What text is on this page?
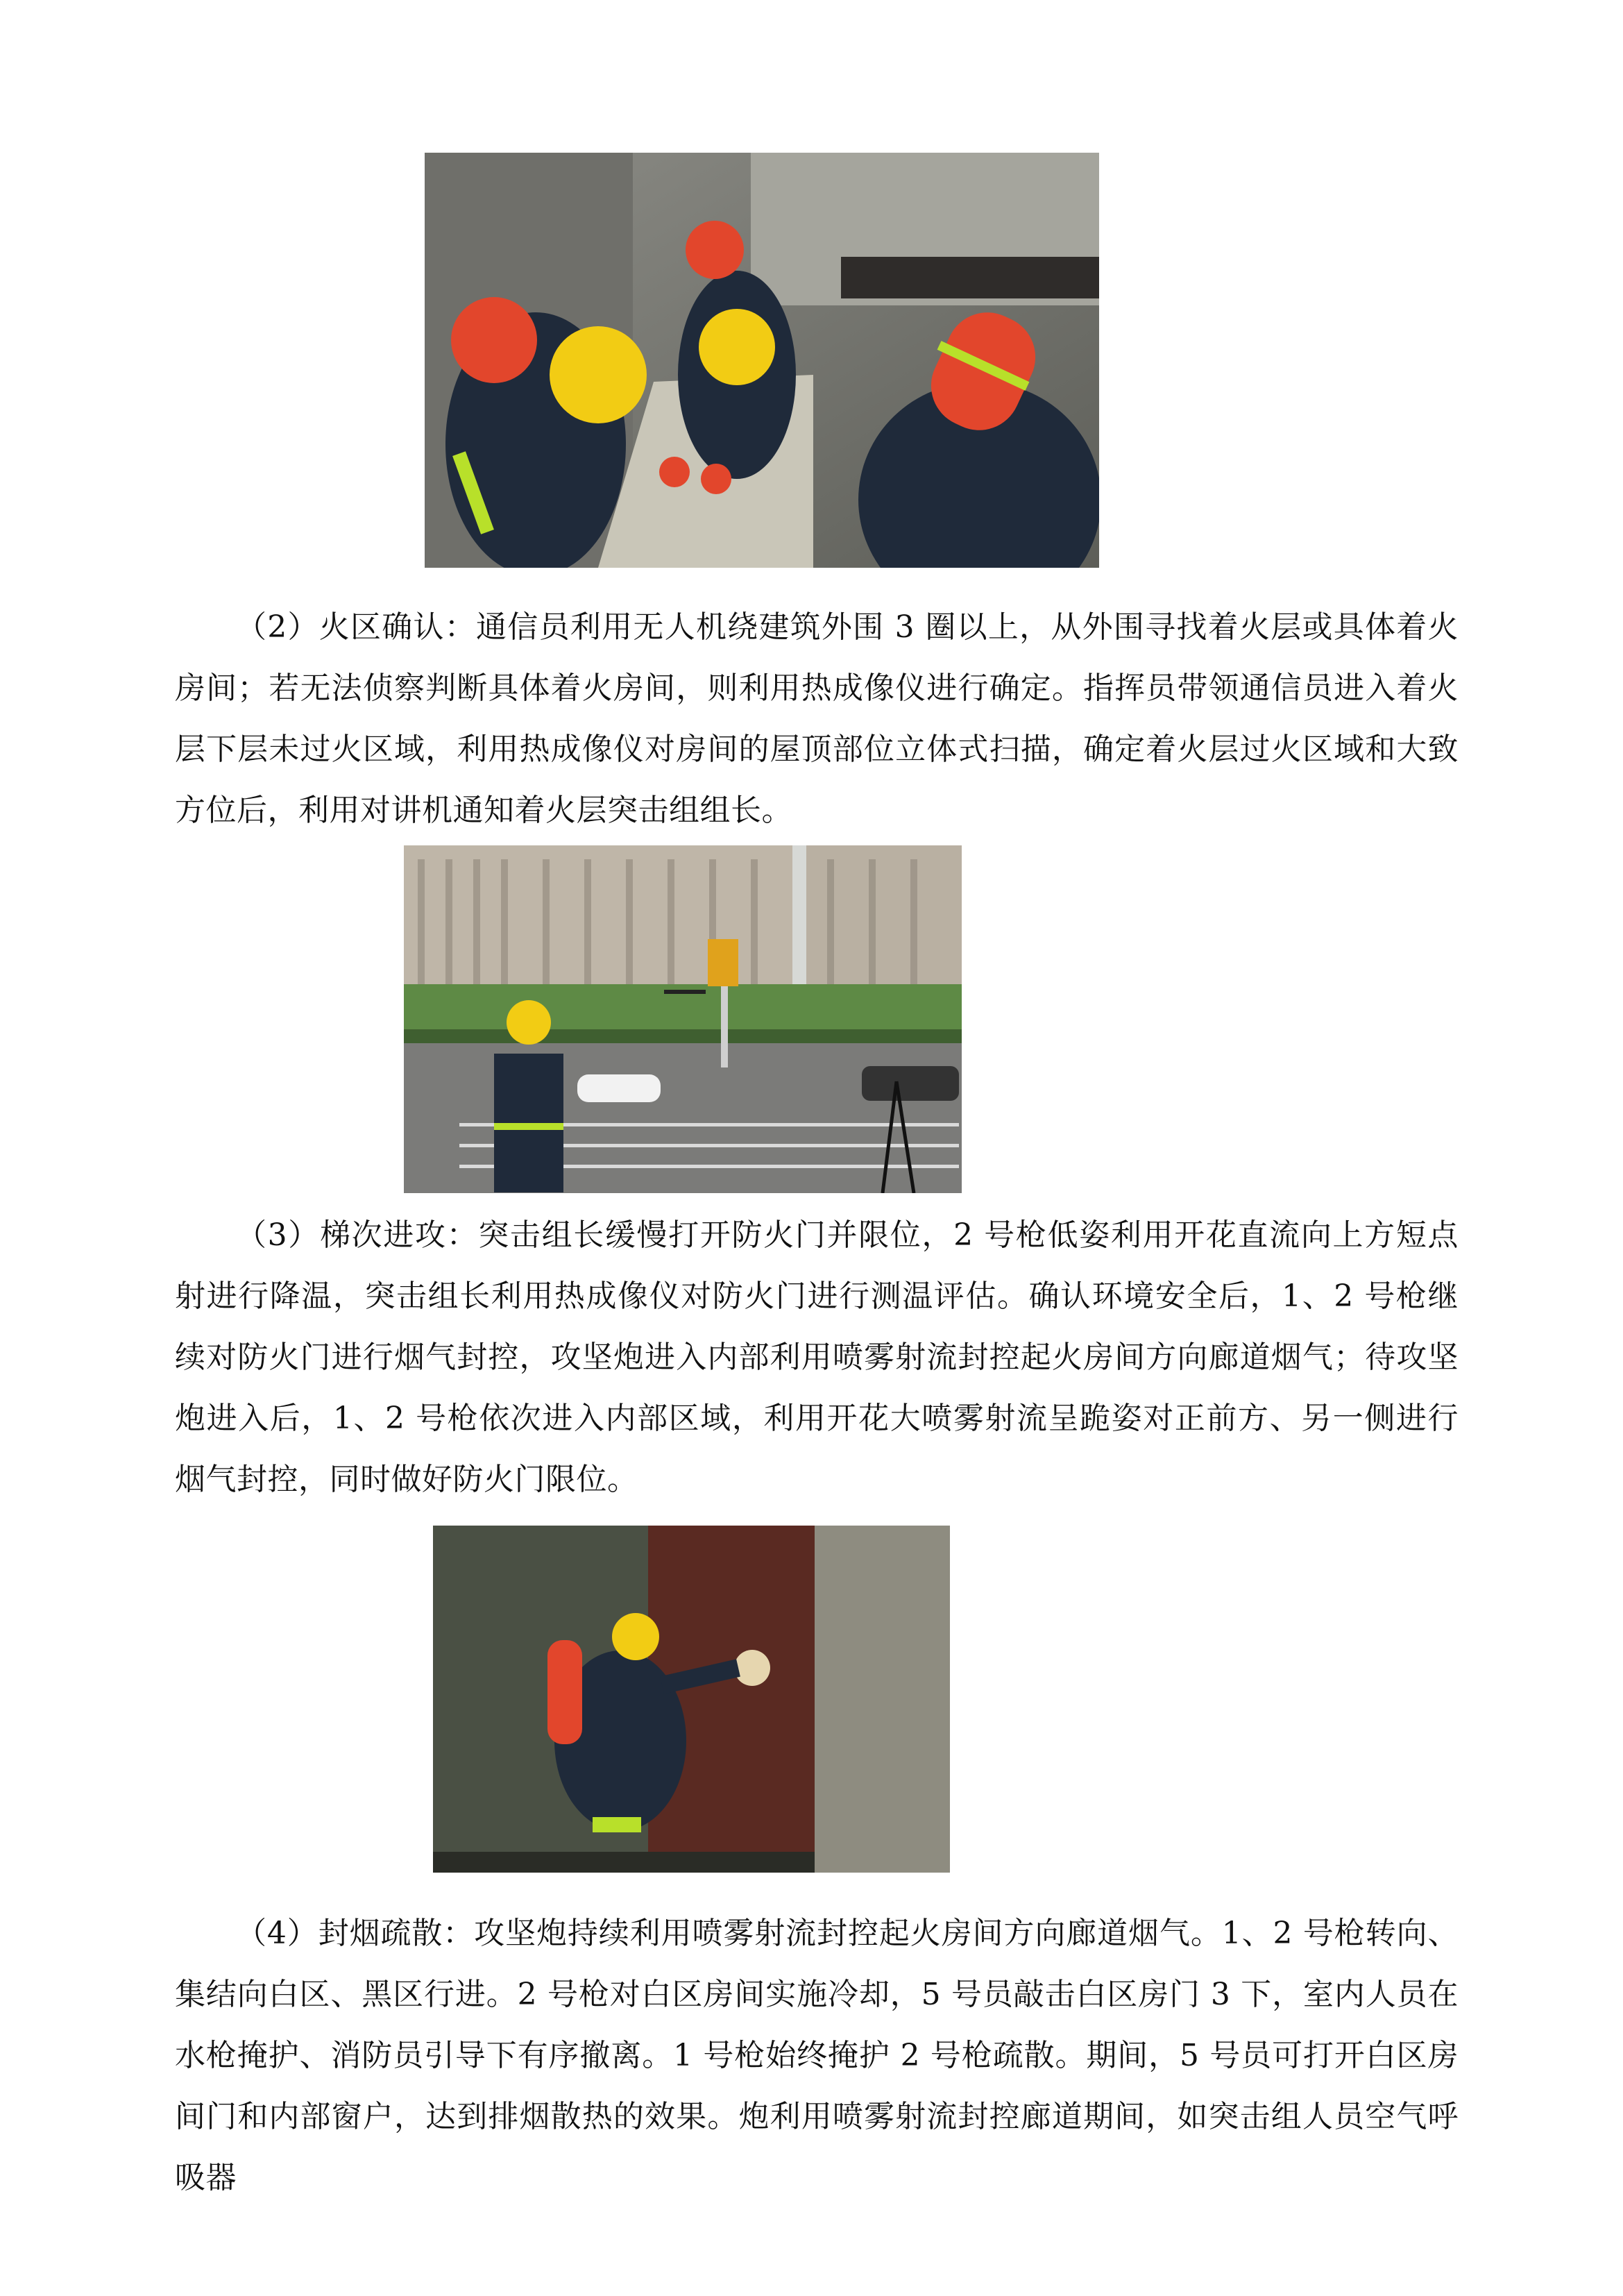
（2）火区确认：通信员利用无人机绕建筑外围 3 圈以上，从外围寻找着火层或具体着火房间；若无法侦察判断具体着火房间，则利用热成像仪进行确定。指挥员带领通信员进入着火层下层未过火区域，利用热成像仪对房间的屋顶部位立体式扫描，确定着火层过火区域和大致方位后，利用对讲机通知着火层突击组组长。

（3）梯次进攻：突击组长缓慢打开防火门并限位，2 号枪低姿利用开花直流向上方短点射进行降温，突击组长利用热成像仪对防火门进行测温评估。确认环境安全后，1、2 号枪继续对防火门进行烟气封控，攻坚炮进入内部利用喷雾射流封控起火房间方向廊道烟气；待攻坚炮进入后，1、2 号枪依次进入内部区域，利用开花大喷雾射流呈跪姿对正前方、另一侧进行烟气封控，同时做好防火门限位。

（4）封烟疏散：攻坚炮持续利用喷雾射流封控起火房间方向廊道烟气。1、2 号枪转向、集结向白区、黑区行进。2 号枪对白区房间实施冷却，5 号员敲击白区房门 3 下，室内人员在水枪掩护、消防员引导下有序撤离。1 号枪始终掩护 2 号枪疏散。期间，5 号员可打开白区房间门和内部窗户，达到排烟散热的效果。炮利用喷雾射流封控廊道期间，如突击组人员空气呼吸器
